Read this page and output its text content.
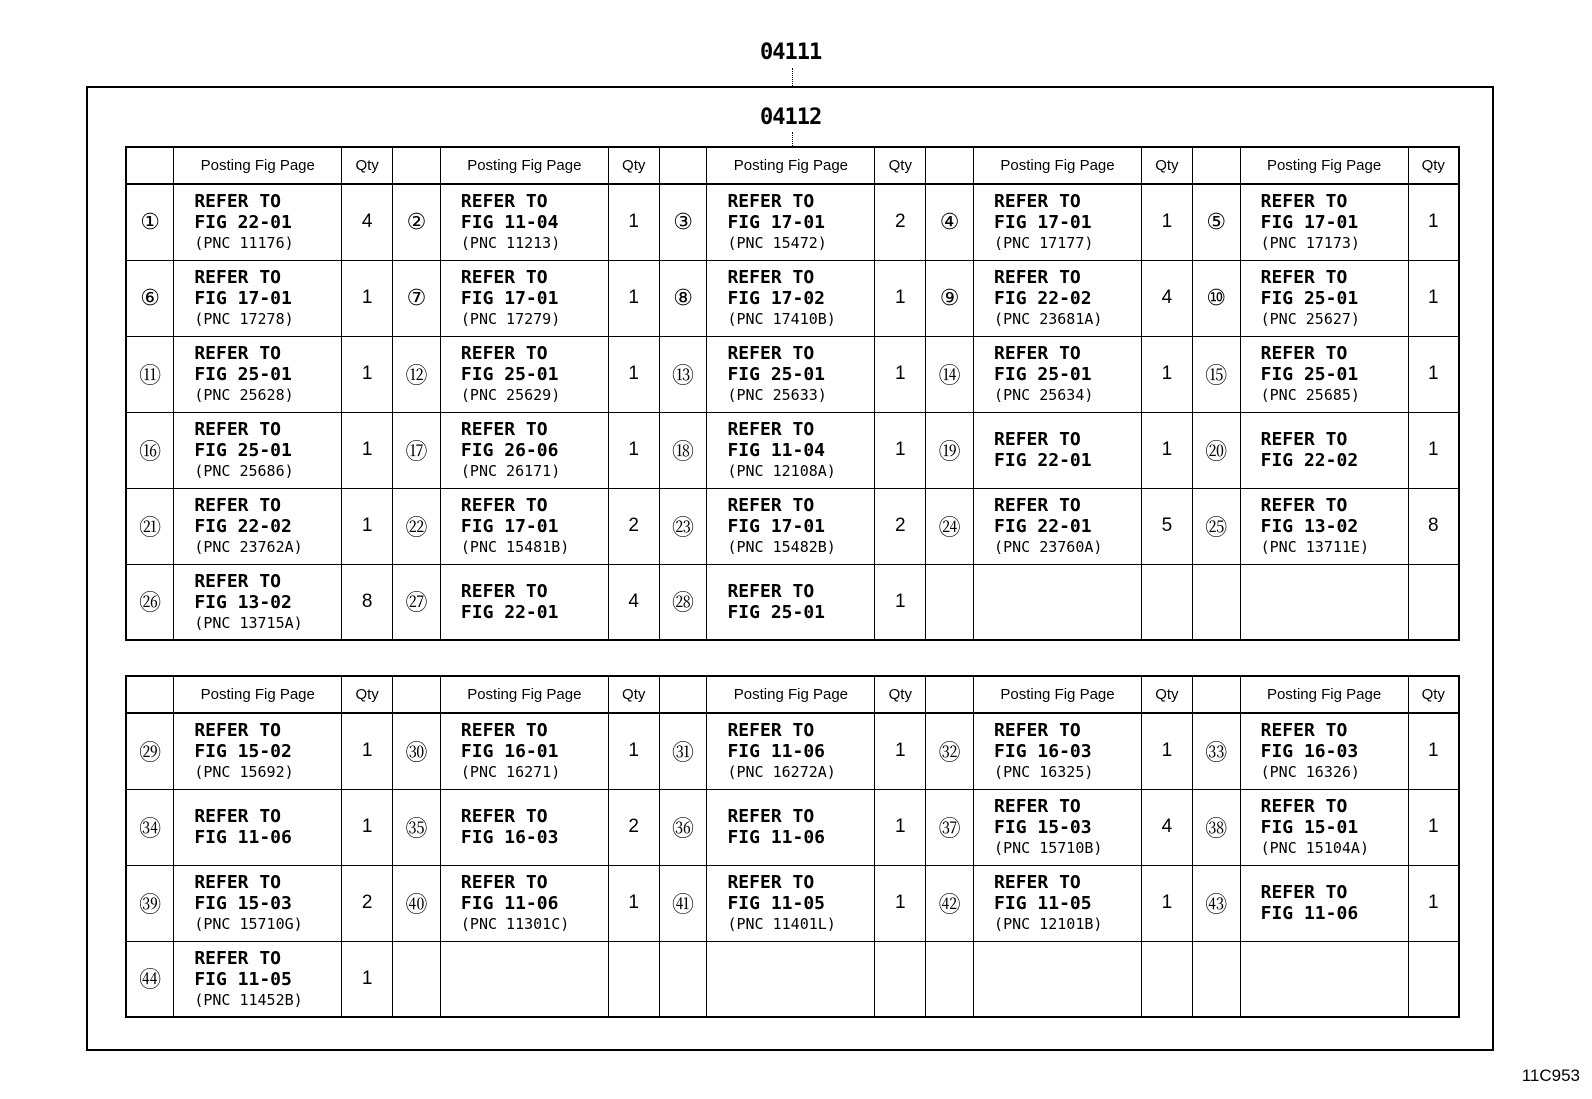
04111
04112
	Posting Fig Page	Qty		Posting Fig Page	Qty		Posting Fig Page	Qty		Posting Fig Page	Qty		Posting Fig Page	Qty
①	REFER TO
FIG 22-01
(PNC 11176)	4	②	REFER TO
FIG 11-04
(PNC 11213)	1	③	REFER TO
FIG 17-01
(PNC 15472)	2	④	REFER TO
FIG 17-01
(PNC 17177)	1	⑤	REFER TO
FIG 17-01
(PNC 17173)	1
⑥	REFER TO
FIG 17-01
(PNC 17278)	1	⑦	REFER TO
FIG 17-01
(PNC 17279)	1	⑧	REFER TO
FIG 17-02
(PNC 17410B)	1	⑨	REFER TO
FIG 22-02
(PNC 23681A)	4	⑩	REFER TO
FIG 25-01
(PNC 25627)	1
⑪	REFER TO
FIG 25-01
(PNC 25628)	1	⑫	REFER TO
FIG 25-01
(PNC 25629)	1	⑬	REFER TO
FIG 25-01
(PNC 25633)	1	⑭	REFER TO
FIG 25-01
(PNC 25634)	1	⑮	REFER TO
FIG 25-01
(PNC 25685)	1
⑯	REFER TO
FIG 25-01
(PNC 25686)	1	⑰	REFER TO
FIG 26-06
(PNC 26171)	1	⑱	REFER TO
FIG 11-04
(PNC 12108A)	1	⑲	REFER TO
FIG 22-01	1	⑳	REFER TO
FIG 22-02	1
㉑	REFER TO
FIG 22-02
(PNC 23762A)	1	㉒	REFER TO
FIG 17-01
(PNC 15481B)	2	㉓	REFER TO
FIG 17-01
(PNC 15482B)	2	㉔	REFER TO
FIG 22-01
(PNC 23760A)	5	㉕	REFER TO
FIG 13-02
(PNC 13711E)	8
㉖	REFER TO
FIG 13-02
(PNC 13715A)	8	㉗	REFER TO
FIG 22-01	4	㉘	REFER TO
FIG 25-01	1						
	Posting Fig Page	Qty		Posting Fig Page	Qty		Posting Fig Page	Qty		Posting Fig Page	Qty		Posting Fig Page	Qty
㉙	REFER TO
FIG 15-02
(PNC 15692)	1	㉚	REFER TO
FIG 16-01
(PNC 16271)	1	㉛	REFER TO
FIG 11-06
(PNC 16272A)	1	㉜	REFER TO
FIG 16-03
(PNC 16325)	1	㉝	REFER TO
FIG 16-03
(PNC 16326)	1
㉞	REFER TO
FIG 11-06	1	㉟	REFER TO
FIG 16-03	2	㊱	REFER TO
FIG 11-06	1	㊲	REFER TO
FIG 15-03
(PNC 15710B)	4	㊳	REFER TO
FIG 15-01
(PNC 15104A)	1
㊴	REFER TO
FIG 15-03
(PNC 15710G)	2	㊵	REFER TO
FIG 11-06
(PNC 11301C)	1	㊶	REFER TO
FIG 11-05
(PNC 11401L)	1	㊷	REFER TO
FIG 11-05
(PNC 12101B)	1	㊸	REFER TO
FIG 11-06	1
㊹	REFER TO
FIG 11-05
(PNC 11452B)	1												
11C953
